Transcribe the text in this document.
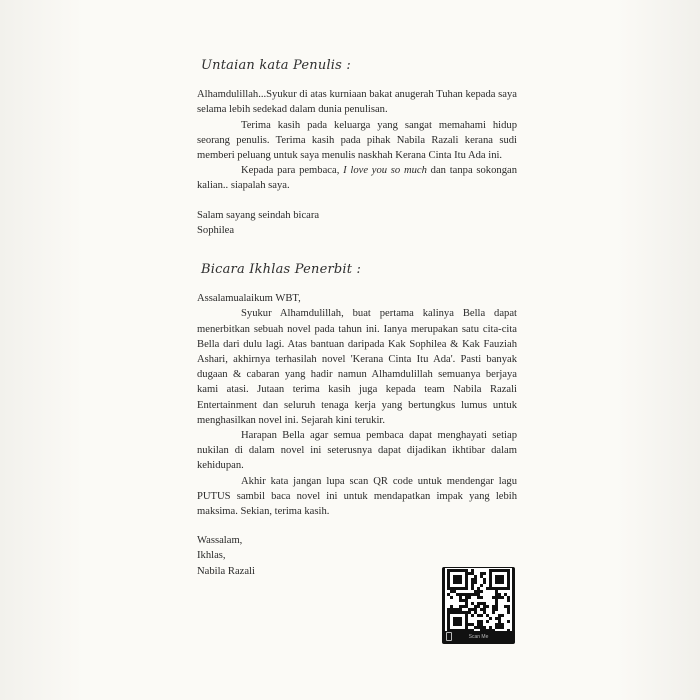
Untaian kata Penulis :

Alhamdulillah...Syukur di atas kurniaan bakat anugerah Tuhan kepada saya selama lebih sedekad dalam dunia penulisan.

Terima kasih pada keluarga yang sangat memahami hidup seorang penulis. Terima kasih pada pihak Nabila Razali kerana sudi memberi peluang untuk saya menulis naskhah Kerana Cinta Itu Ada ini.

Kepada para pembaca, I love you so much dan tanpa sokongan kalian.. siapalah saya.

Salam sayang seindah bicara

Sophilea

Bicara Ikhlas Penerbit :

Assalamualaikum WBT,

Syukur Alhamdulillah, buat pertama kalinya Bella dapat menerbitkan sebuah novel pada tahun ini. Ianya merupakan satu cita-cita Bella dari dulu lagi. Atas bantuan daripada Kak Sophilea & Kak Fauziah Ashari, akhirnya terhasilah novel 'Kerana Cinta Itu Ada'. Pasti banyak dugaan & cabaran yang hadir namun Alhamdulillah semuanya berjaya kami atasi. Jutaan terima kasih juga kepada team Nabila Razali Entertainment dan seluruh tenaga kerja yang bertungkus lumus untuk menghasilkan novel ini. Sejarah kini terukir.

Harapan Bella agar semua pembaca dapat menghayati setiap nukilan di dalam novel ini seterusnya dapat dijadikan ikhtibar dalam kehidupan.

Akhir kata jangan lupa scan QR code untuk mendengar lagu PUTUS sambil baca novel ini untuk mendapatkan impak yang lebih maksima. Sekian, terima kasih.

Wassalam,

Ikhlas,

Nabila Razali

Scan Me
